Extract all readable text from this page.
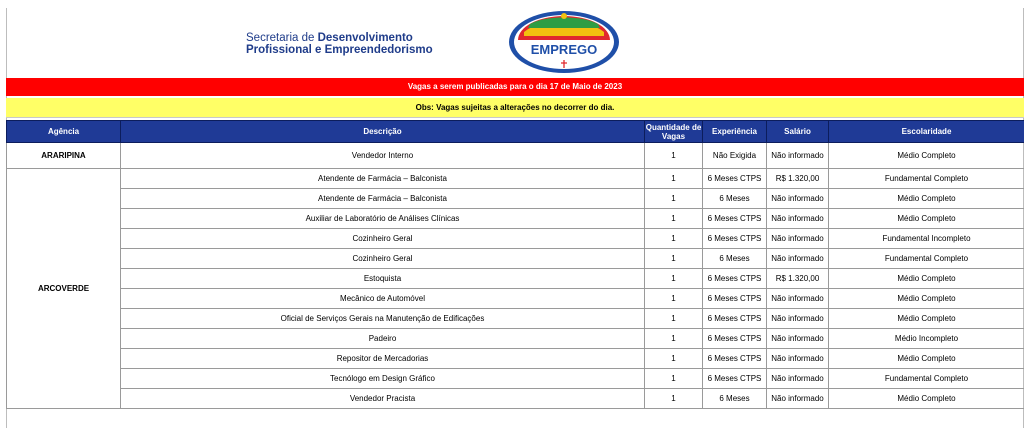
Secretaria de Desenvolvimento
Profissional e Empreendedorismo	EMPREGO
Vagas a serem publicadas para o dia 17 de Maio de 2023
Obs: Vagas sujeitas a alterações no decorrer do dia.
Agência	Descrição	Quantidade de Vagas	Experiência	Salário	Escolaridade
ARARIPINA	Vendedor Interno	1	Não Exigida	Não informado	Médio Completo
ARCOVERDE	Atendente de Farmácia – Balconista	1	6 Meses CTPS	R$ 1.320,00	Fundamental Completo
	Atendente de Farmácia – Balconista	1	6 Meses	Não informado	Médio Completo
	Auxiliar de Laboratório de Análises Clínicas	1	6 Meses CTPS	Não informado	Médio Completo
	Cozinheiro Geral	1	6 Meses CTPS	Não informado	Fundamental Incompleto
	Cozinheiro Geral	1	6 Meses	Não informado	Fundamental Completo
	Estoquista	1	6 Meses CTPS	R$ 1.320,00	Médio Completo
	Mecânico de Automóvel	1	6 Meses CTPS	Não informado	Médio Completo
	Oficial de Serviços Gerais na Manutenção de Edificações	1	6 Meses CTPS	Não informado	Médio Completo
	Padeiro	1	6 Meses CTPS	Não informado	Médio Incompleto
	Repositor de Mercadorias	1	6 Meses CTPS	Não informado	Médio Completo
	Tecnólogo em Design Gráfico	1	6 Meses CTPS	Não informado	Fundamental Completo
	Vendedor Pracista	1	6 Meses	Não informado	Médio Completo
